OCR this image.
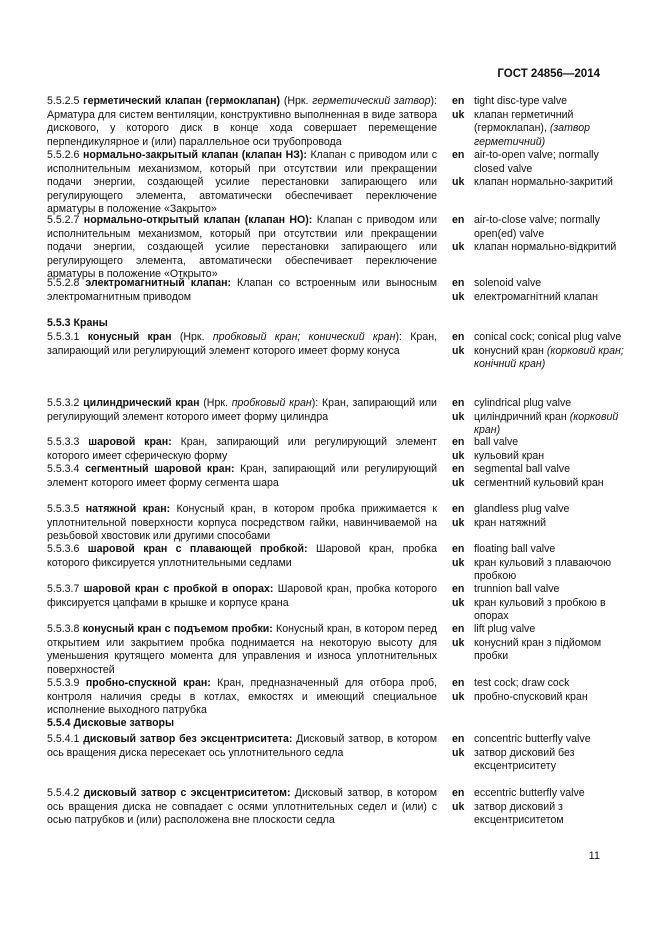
ГОСТ 24856—2014
5.5.2.5 герметический клапан (гермоклапан) (Нрк. герметический затвор): Арматура для систем вентиляции, конструктивно выполненная в виде затвора дискового, у которого диск в конце хода совершает перемещение перпендикулярное и (или) параллельное оси трубопровода
en tight disc-type valve
uk клапан герметичний (гермоклапан), (затвор герметичний)
5.5.2.6 нормально-закрытый клапан (клапан НЗ): Клапан с приводом или с исполнительным механизмом, который при отсутствии или прекращении подачи энергии, создающей усилие перестановки запирающего или регулирующего элемента, автоматически обеспечивает переключение арматуры в положение «Закрыто»
en air-to-open valve; normally closed valve
uk клапан нормально-закритий
5.5.2.7 нормально-открытый клапан (клапан НО): Клапан с приводом или исполнительным механизмом, который при отсутствии или прекращении подачи энергии, создающей усилие перестановки запирающего или регулирующего элемента, автоматически обеспечивает переключение арматуры в положение «Открыто»
en air-to-close valve; normally open(ed) valve
uk клапан нормально-відкритий
5.5.2.8 электромагнитный клапан: Клапан со встроенным или выносным электромагнитным приводом
en solenoid valve
uk електромагнітний клапан
5.5.3 Краны
5.5.3.1 конусный кран (Нрк. пробковый кран; конический кран): Кран, запирающий или регулирующий элемент которого имеет форму конуса
en conical cock; conical plug valve
uk конусний кран (корковий кран; конічний кран)
5.5.3.2 цилиндрический кран (Нрк. пробковый кран): Кран, запирающий или регулирующий элемент которого имеет форму цилиндра
en cylindrical plug valve
uk циліндричний кран (корковий кран)
5.5.3.3 шаровой кран: Кран, запирающий или регулирующий элемент которого имеет сферическую форму
en ball valve
uk кульовий кран
5.5.3.4 сегментный шаровой кран: Кран, запирающий или регулирующий элемент которого имеет форму сегмента шара
en segmental ball valve
uk сегментний кульовий кран
5.5.3.5 натяжной кран: Конусный кран, в котором пробка прижимается к уплотнительной поверхности корпуса посредством гайки, навинчиваемой на резьбовой хвостовик или другими способами
en glandless plug valve
uk кран натяжний
5.5.3.6 шаровой кран с плавающей пробкой: Шаровой кран, пробка которого фиксируется уплотнительными седлами
en floating ball valve
uk кран кульовий з плаваючою пробкою
5.5.3.7 шаровой кран с пробкой в опорах: Шаровой кран, пробка которого фиксируется цапфами в крышке и корпусе крана
en trunnion ball valve
uk кран кульовий з пробкою в опорах
5.5.3.8 конусный кран с подъемом пробки: Конусный кран, в котором перед открытием или закрытием пробка поднимается на некоторую высоту для уменьшения крутящего момента для управления и износа уплотнительных поверхностей
en lift plug valve
uk конусний кран з підйомом пробки
5.5.3.9 пробно-спускной кран: Кран, предназначенный для отбора проб, контроля наличия среды в котлах, емкостях и имеющий специальное исполнение выходного патрубка
en test cock; draw cock
uk пробно-спусковий кран
5.5.4 Дисковые затворы
5.5.4.1 дисковый затвор без эксцентриситета: Дисковый затвор, в котором ось вращения диска пересекает ось уплотнительного седла
en concentric butterfly valve
uk затвор дисковий без ексцентриситету
5.5.4.2 дисковый затвор с эксцентриситетом: Дисковый затвор, в котором ось вращения диска не совпадает с осями уплотнительных седел и (или) с осью патрубков и (или) расположена вне плоскости седла
en eccentric butterfly valve
uk затвор дисковий з ексцентриситетом
11
